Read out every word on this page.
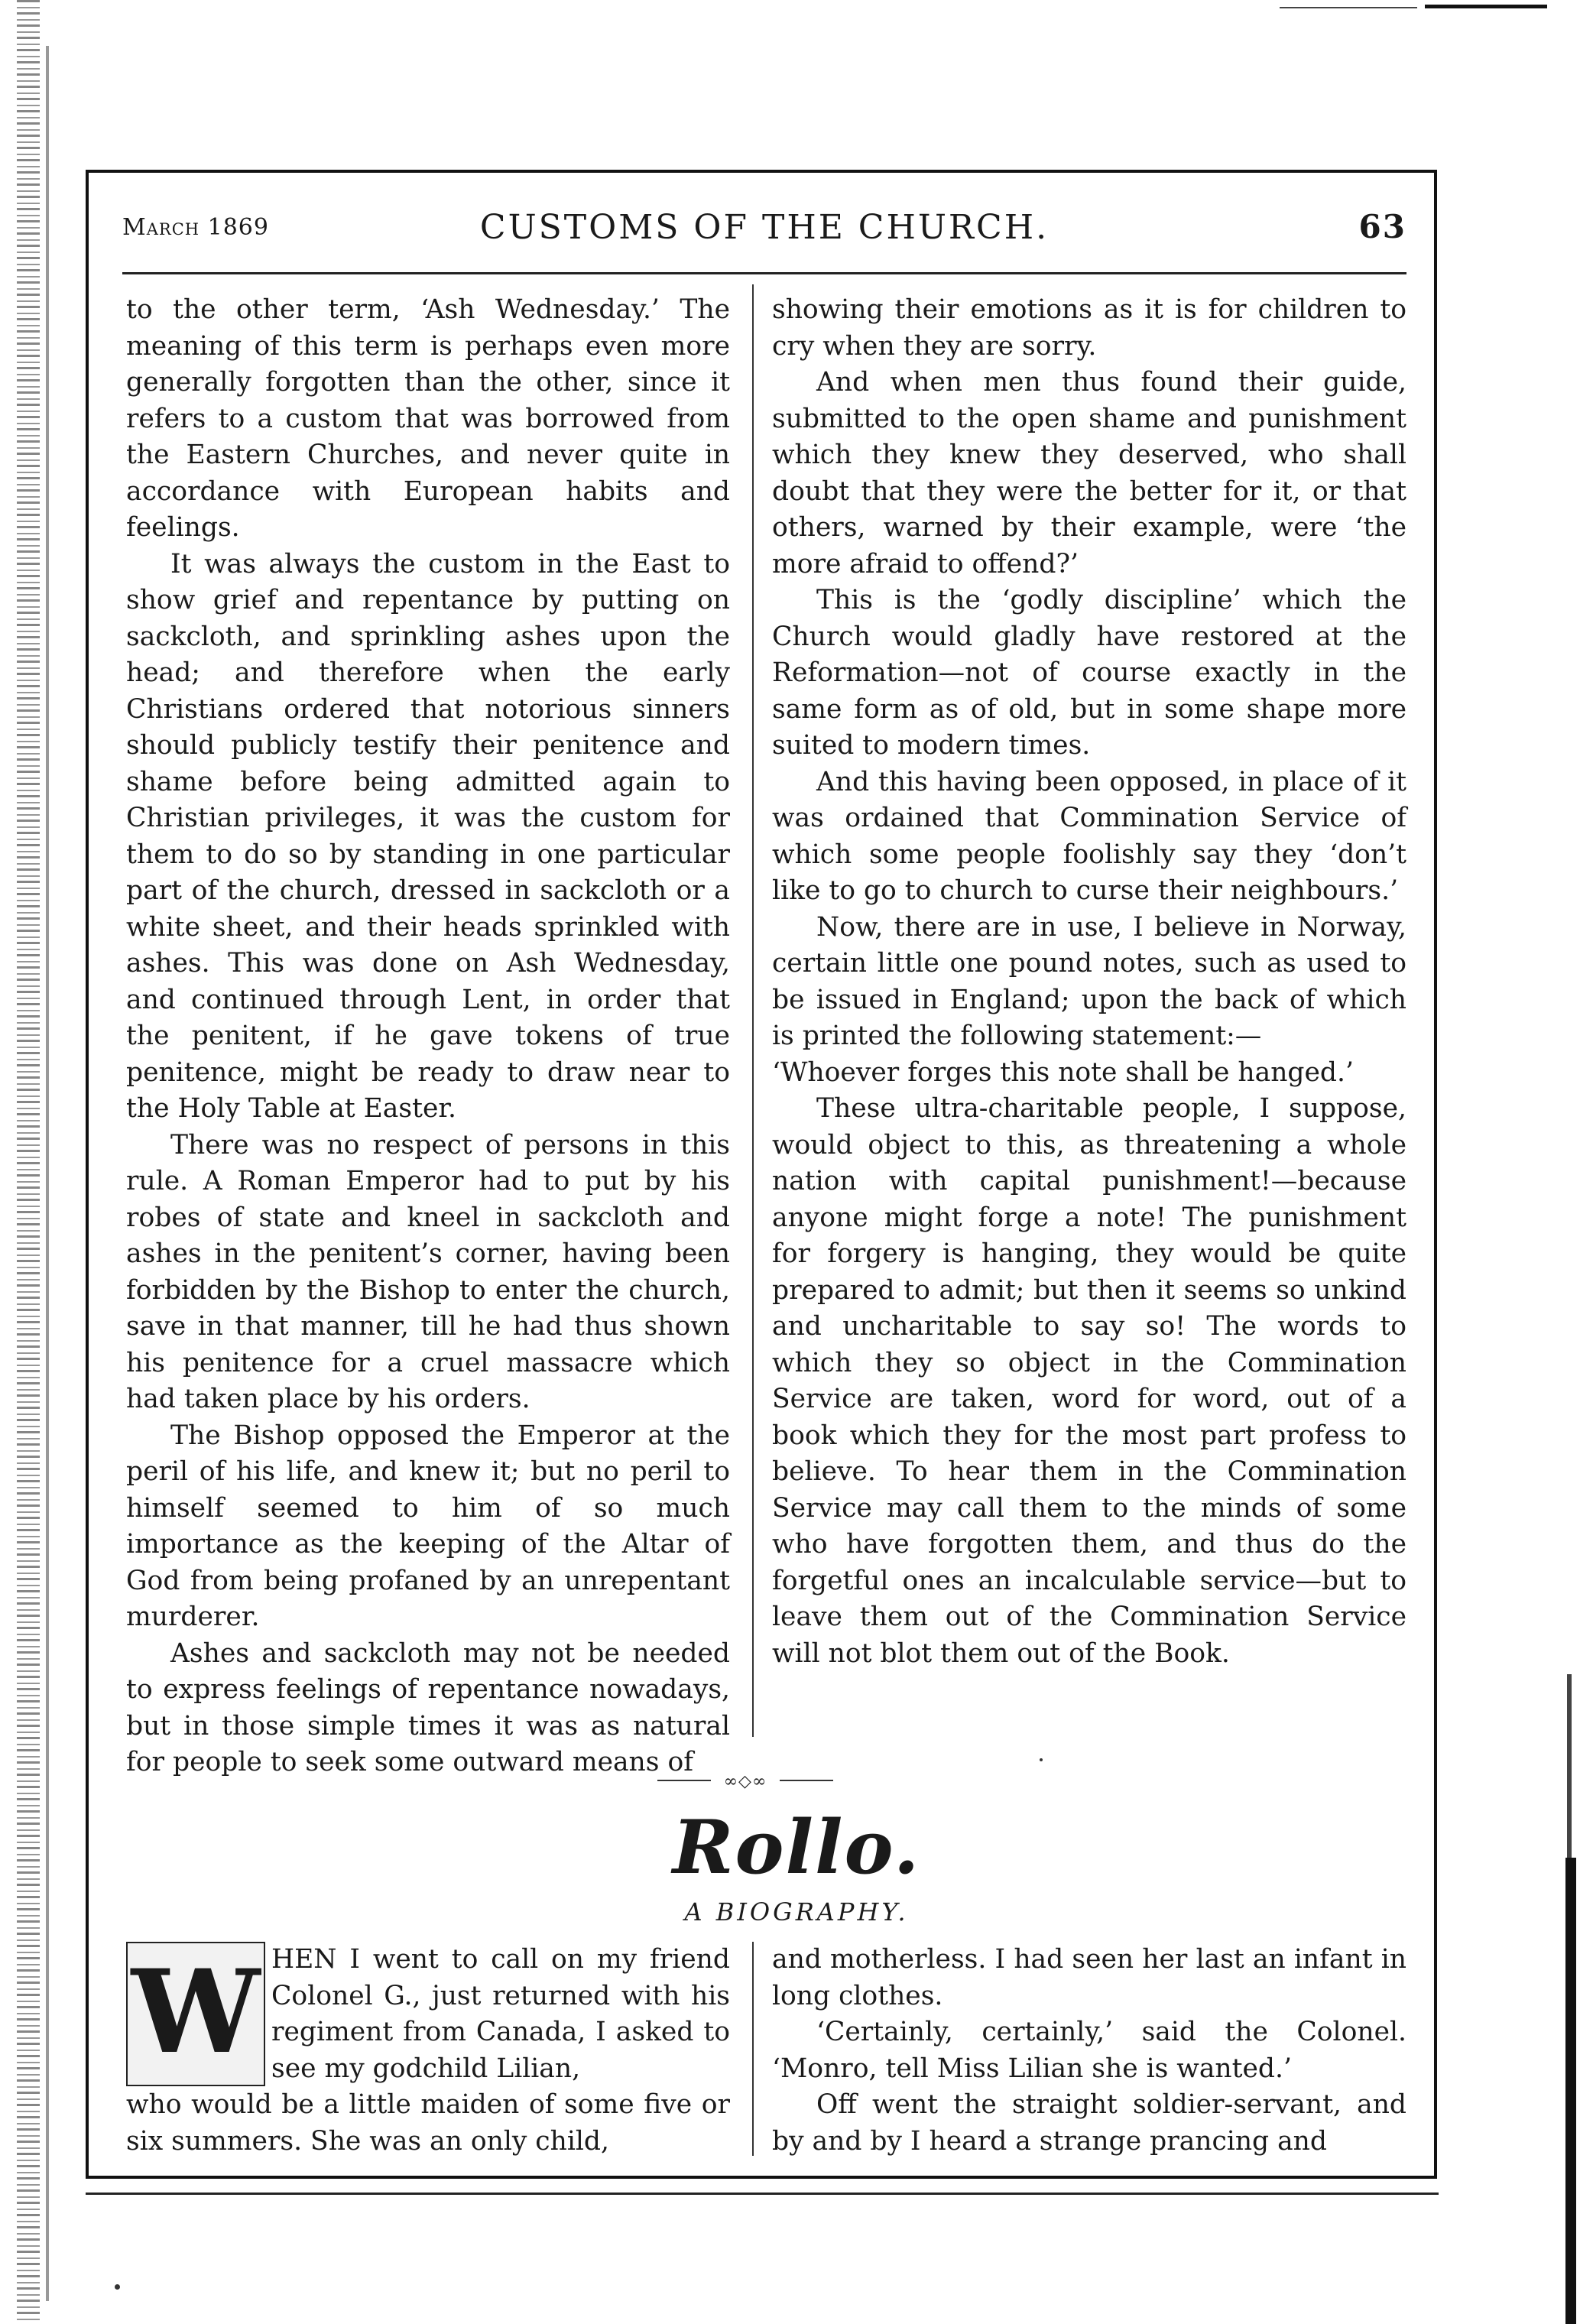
March 1869	CUSTOMS OF THE CHURCH.	63

to the other term, ‘Ash Wednesday.’ The meaning of this term is perhaps even more generally forgotten than the other, since it refers to a custom that was borrowed from the Eastern Churches, and never quite in accordance with European habits and feelings.

It was always the custom in the East to show grief and repentance by putting on sackcloth, and sprinkling ashes upon the head; and therefore when the early Christians ordered that notorious sinners should publicly testify their penitence and shame before being admitted again to Christian privileges, it was the custom for them to do so by standing in one particular part of the church, dressed in sackcloth or a white sheet, and their heads sprinkled with ashes. This was done on Ash Wednesday, and continued through Lent, in order that the penitent, if he gave tokens of true penitence, might be ready to draw near to the Holy Table at Easter.

There was no respect of persons in this rule. A Roman Emperor had to put by his robes of state and kneel in sackcloth and ashes in the penitent’s corner, having been forbidden by the Bishop to enter the church, save in that manner, till he had thus shown his penitence for a cruel massacre which had taken place by his orders.

The Bishop opposed the Emperor at the peril of his life, and knew it; but no peril to himself seemed to him of so much importance as the keeping of the Altar of God from being profaned by an unrepentant murderer.

Ashes and sackcloth may not be needed to express feelings of repentance nowadays, but in those simple times it was as natural for people to seek some outward means of

showing their emotions as it is for children to cry when they are sorry.

And when men thus found their guide, submitted to the open shame and punishment which they knew they deserved, who shall doubt that they were the better for it, or that others, warned by their example, were ‘the more afraid to offend?’

This is the ‘godly discipline’ which the Church would gladly have restored at the Reformation—not of course exactly in the same form as of old, but in some shape more suited to modern times.

And this having been opposed, in place of it was ordained that Commination Service of which some people foolishly say they ‘don’t like to go to church to curse their neighbours.’

Now, there are in use, I believe in Norway, certain little one pound notes, such as used to be issued in England; upon the back of which is printed the following statement:—

‘Whoever forges this note shall be hanged.’

These ultra-charitable people, I suppose, would object to this, as threatening a whole nation with capital punishment!—because anyone might forge a note! The punishment for forgery is hanging, they would be quite prepared to admit; but then it seems so unkind and uncharitable to say so! The words to which they so object in the Commination Service are taken, word for word, out of a book which they for the most part profess to believe. To hear them in the Commination Service may call them to the minds of some who have forgotten them, and thus do the forgetful ones an incalculable service—but to leave them out of the Commination Service will not blot them out of the Book.

∞◇∞
Rollo.
A BIOGRAPHY.
HEN I went to call on my friend Colonel G., just returned with his regiment from Canada, I asked to see my godchild Lilian,
who would be a little maiden of some five or six summers. She was an only child,
W	and motherless. I had seen her last an infant in long clothes.

‘Certainly, certainly,’ said the Colonel. ‘Monro, tell Miss Lilian she is wanted.’

Off went the straight soldier-servant, and by and by I heard a strange prancing and
